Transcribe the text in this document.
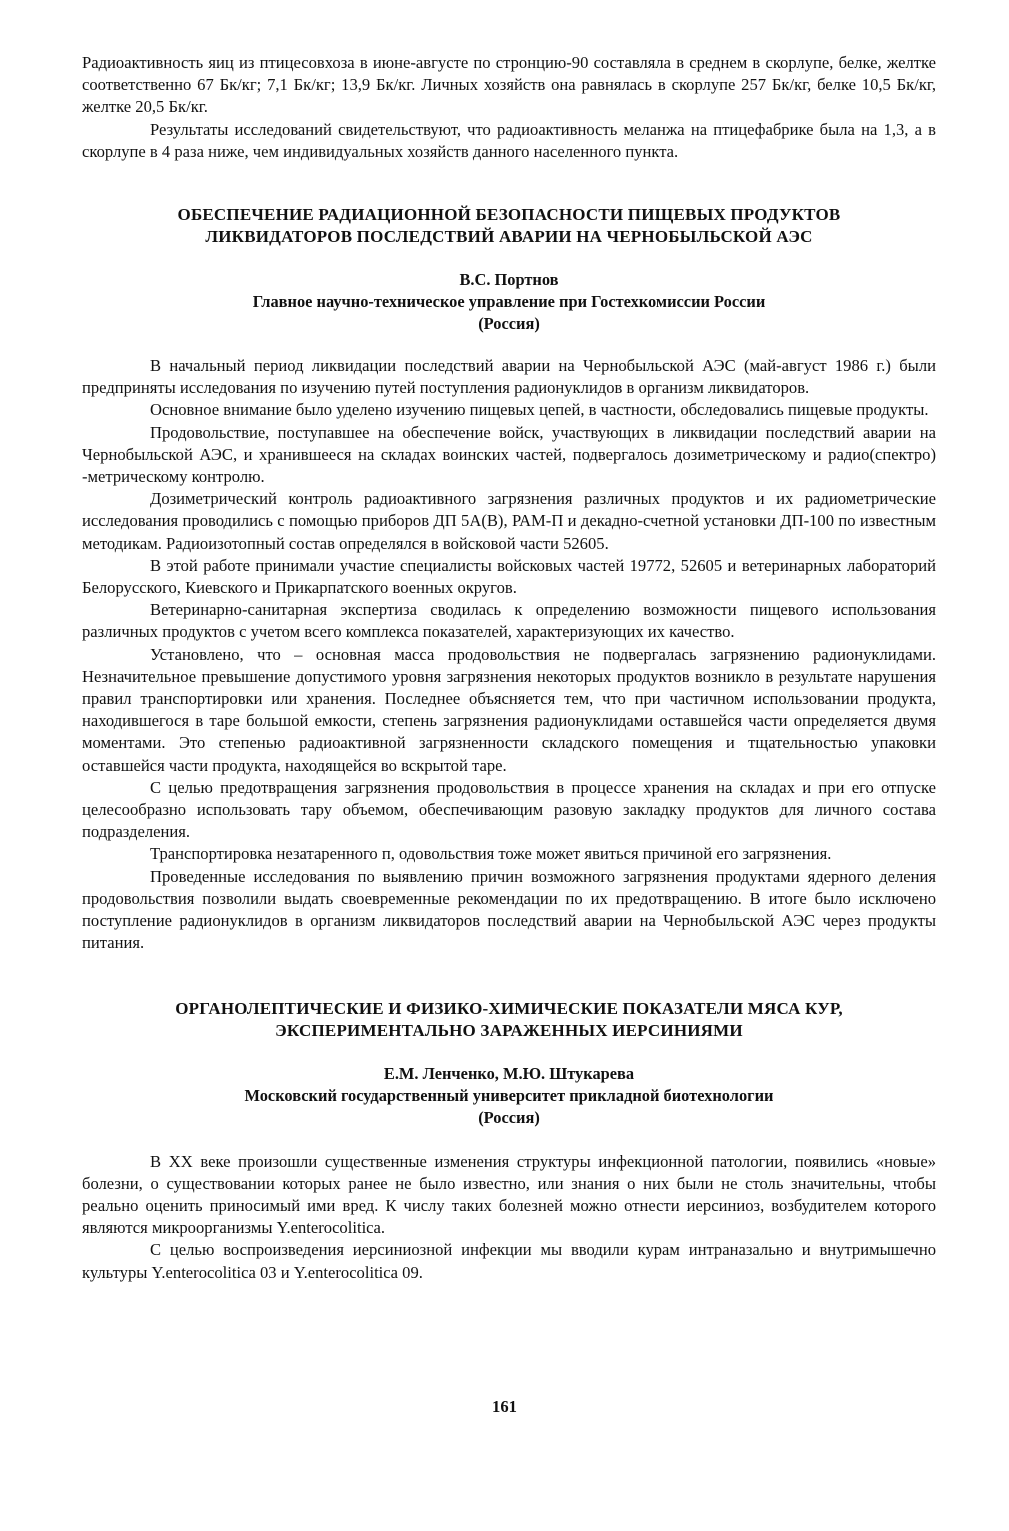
Радиоактивность яиц из птицесовхоза в июне-августе по стронцию-90 составляла в среднем в скорлупе, белке, желтке соответственно 67 Бк/кг; 7,1 Бк/кг; 13,9 Бк/кг. Личных хозяйств она равнялась в скорлупе 257 Бк/кг, белке 10,5 Бк/кг, желтке 20,5 Бк/кг.

Результаты исследований свидетельствуют, что радиоактивность меланжа на птицефабрике была на 1,3, а в скорлупе в 4 раза ниже, чем индивидуальных хозяйств данного населенного пункта.

ОБЕСПЕЧЕНИЕ РАДИАЦИОННОЙ БЕЗОПАСНОСТИ ПИЩЕВЫХ ПРОДУКТОВ
ЛИКВИДАТОРОВ ПОСЛЕДСТВИЙ АВАРИИ НА ЧЕРНОБЫЛЬСКОЙ АЭС
В.С. Портнов
Главное научно-техническое управление при Гостехкомиссии России
(Россия)

В начальный период ликвидации последствий аварии на Чернобыльской АЭС (май-август 1986 г.) были предприняты исследования по изучению путей поступления радионуклидов в организм ликвидаторов.

Основное внимание было уделено изучению пищевых цепей, в частности, обследовались пищевые продукты.

Продовольствие, поступавшее на обеспечение войск, участвующих в ликвидации последствий аварии на Чернобыльской АЭС, и хранившееся на складах воинских частей, подвергалось дозиметрическому и радио(спектро) -метрическому контролю.

Дозиметрический контроль радиоактивного загрязнения различных продуктов и их радиометрические исследования проводились с помощью приборов ДП 5А(В), РАМ-П и декадно-счетной установки ДП-100 по известным методикам. Радиоизотопный состав определялся в войсковой части 52605.

В этой работе принимали участие специалисты войсковых частей 19772, 52605 и ветеринарных лабораторий Белорусского, Киевского и Прикарпатского военных округов.

Ветеринарно-санитарная экспертиза сводилась к определению возможности пищевого использования различных продуктов с учетом всего комплекса показателей, характеризующих их качество.

Установлено, что – основная масса продовольствия не подвергалась загрязнению радионуклидами. Незначительное превышение допустимого уровня загрязнения некоторых продуктов возникло в результате нарушения правил транспортировки или хранения. Последнее объясняется тем, что при частичном использовании продукта, находившегося в таре большой емкости, степень загрязнения радионуклидами оставшейся части определяется двумя моментами. Это степенью радиоактивной загрязненности складского помещения и тщательностью упаковки оставшейся части продукта, находящейся во вскрытой таре.

С целью предотвращения загрязнения продовольствия в процессе хранения на складах и при его отпуске целесообразно использовать тару объемом, обеспечивающим разовую закладку продуктов для личного состава подразделения.

Транспортировка незатаренного п, одовольствия тоже может явиться причиной его загрязнения.

Проведенные исследования по выявлению причин возможного загрязнения продуктами ядерного деления продовольствия позволили выдать своевременные рекомендации по их предотвращению. В итоге было исключено поступление радионуклидов в организм ликвидаторов последствий аварии на Чернобыльской АЭС через продукты питания.

ОРГАНОЛЕПТИЧЕСКИЕ И ФИЗИКО-ХИМИЧЕСКИЕ ПОКАЗАТЕЛИ МЯСА КУР,
ЭКСПЕРИМЕНТАЛЬНО ЗАРАЖЕННЫХ ИЕРСИНИЯМИ
Е.М. Ленченко, М.Ю. Штукарева
Московский государственный университет прикладной биотехнологии
(Россия)

В XX веке произошли существенные изменения структуры инфекционной патологии, появились «новые» болезни, о существовании которых ранее не было известно, или знания о них были не столь значительны, чтобы реально оценить приносимый ими вред. К числу таких болезней можно отнести иерсиниоз, возбудителем которого являются микроорганизмы Y.enterocolitica.

С целью воспроизведения иерсиниозной инфекции мы вводили курам интраназально и внутримышечно культуры Y.enterocolitica 03 и Y.enterocolitica 09.

161
